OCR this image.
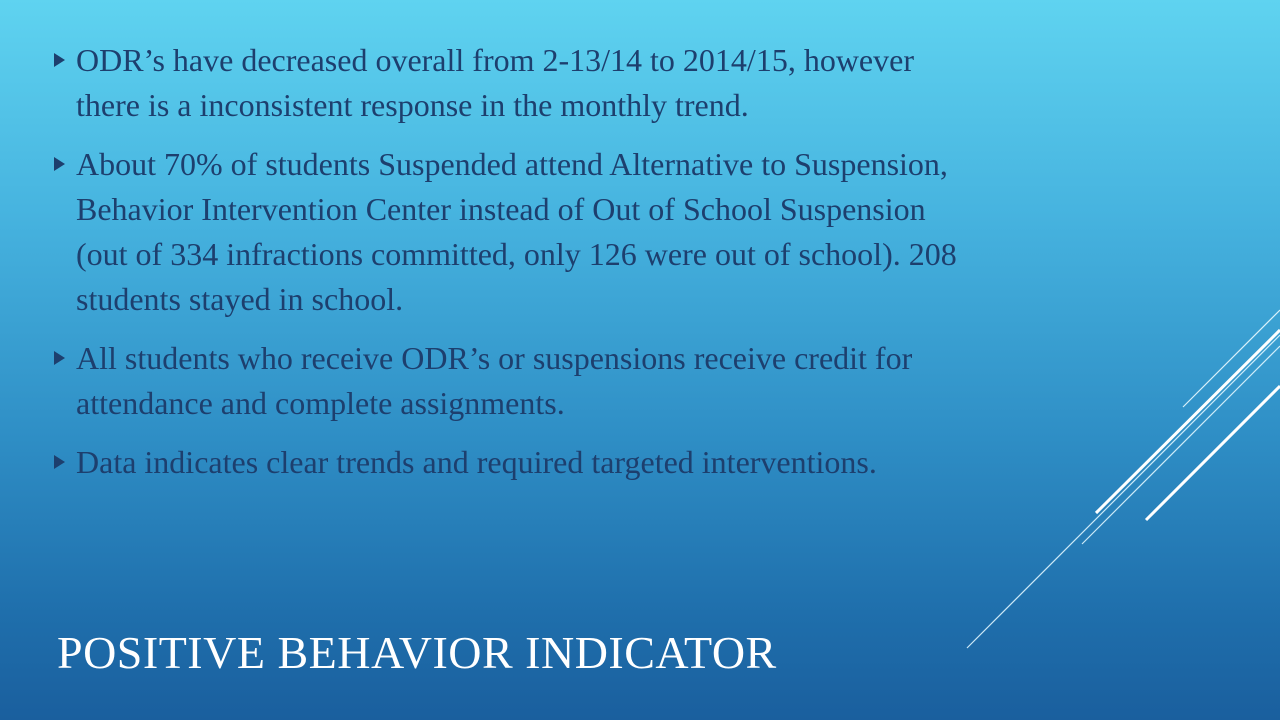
ODR’s have decreased overall from 2-13/14 to 2014/15, however there is a inconsistent response in the monthly trend.
About 70% of students Suspended attend Alternative to Suspension, Behavior Intervention Center instead of Out of School Suspension (out of 334 infractions committed, only 126 were out of school). 208 students stayed in school.
All students who receive ODR’s or suspensions receive credit for attendance and complete assignments.
Data indicates clear trends and required targeted interventions.
POSITIVE BEHAVIOR INDICATOR
